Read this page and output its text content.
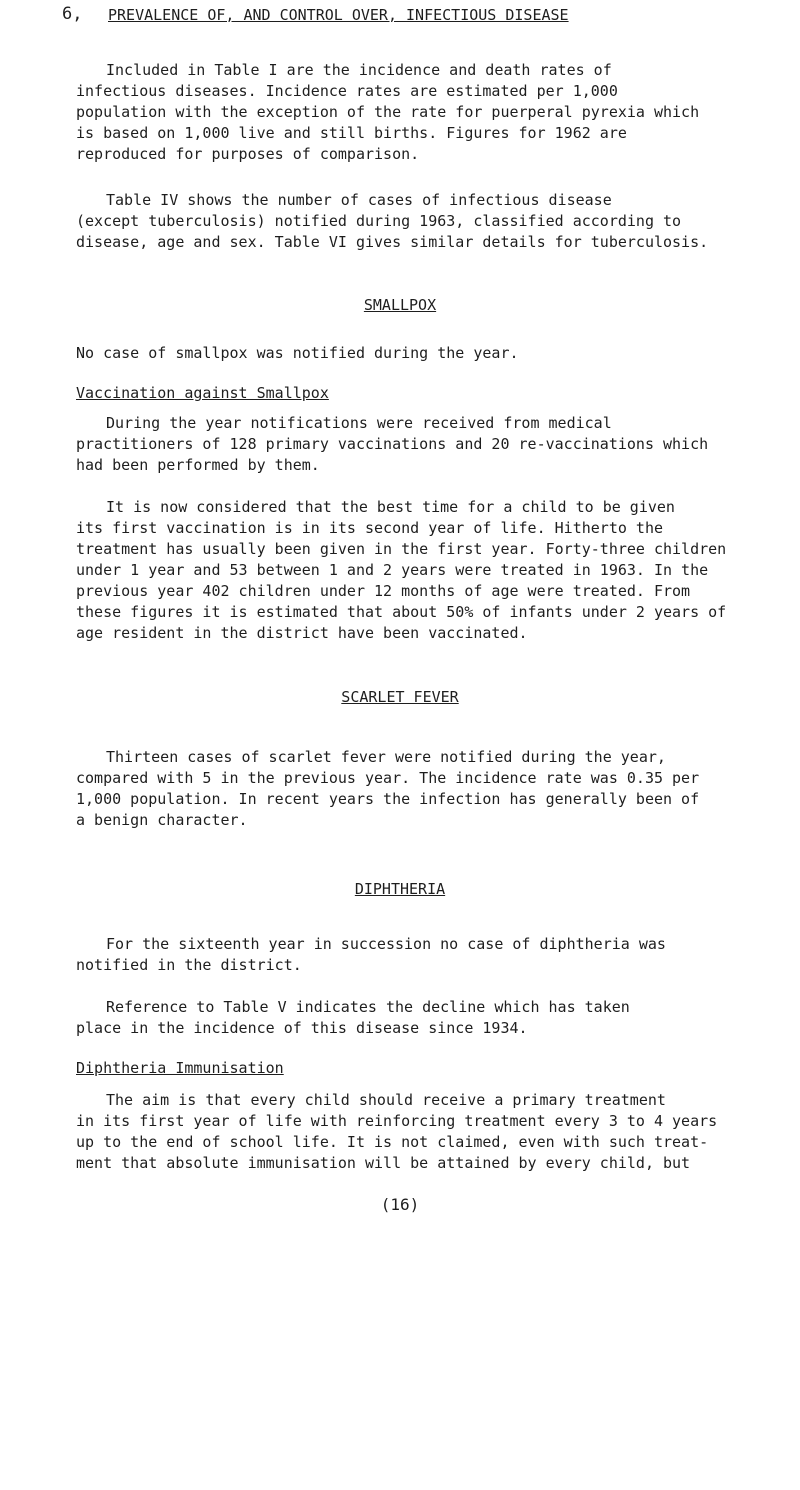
6, PREVALENCE OF, AND CONTROL OVER, INFECTIOUS DISEASE
Included in Table I are the incidence and death rates of
infectious diseases. Incidence rates are estimated per 1,000
population with the exception of the rate for puerperal pyrexia which
is based on 1,000 live and still births. Figures for 1962 are
reproduced for purposes of comparison.
Table IV shows the number of cases of infectious disease
(except tuberculosis) notified during 1963, classified according to
disease, age and sex. Table VI gives similar details for tuberculosis.
SMALLPOX
No case of smallpox was notified during the year.
Vaccination against Smallpox
During the year notifications were received from medical
practitioners of 128 primary vaccinations and 20 re-vaccinations which
had been performed by them.
It is now considered that the best time for a child to be given
its first vaccination is in its second year of life. Hitherto the
treatment has usually been given in the first year. Forty-three children
under 1 year and 53 between 1 and 2 years were treated in 1963. In the
previous year 402 children under 12 months of age were treated. From
these figures it is estimated that about 50% of infants under 2 years of
age resident in the district have been vaccinated.
SCARLET FEVER
Thirteen cases of scarlet fever were notified during the year,
compared with 5 in the previous year. The incidence rate was 0.35 per
1,000 population. In recent years the infection has generally been of
a benign character.
DIPHTHERIA
For the sixteenth year in succession no case of diphtheria was
notified in the district.
Reference to Table V indicates the decline which has taken
place in the incidence of this disease since 1934.
Diphtheria Immunisation
The aim is that every child should receive a primary treatment
in its first year of life with reinforcing treatment every 3 to 4 years
up to the end of school life. It is not claimed, even with such treat-
ment that absolute immunisation will be attained by every child, but
(16)
